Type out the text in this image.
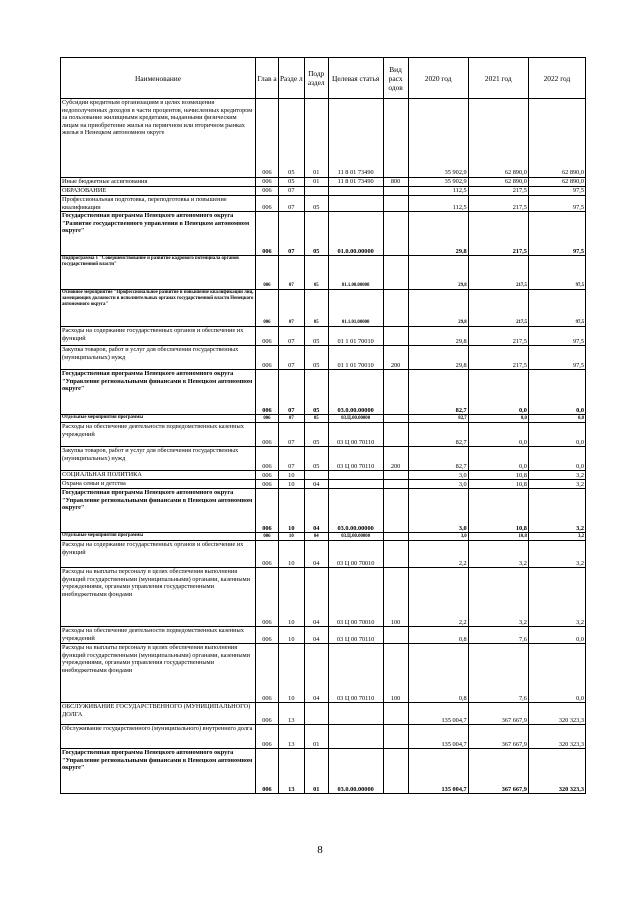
Наименование	Глав а	Разде л	Подр аздел	Целевая статья	Вид расх одов	2020 год	2021 год	2022 год
Субсидии кредитным организациям в целях возмещения недополученных доходов в части процентов, начисленных кредитором за пользование жилищными кредитами, выданными физическим лицам на приобретение жилья на первичном или вторичном рынках жилья в Ненецком автономном округе	006	05	01	11 8 01 73490		35 902,9	62 890,0	62 890,0
Иные бюджетные ассигнования	006	05	01	11 8 01 73490	800	35 902,9	62 890,0	62 890,0
ОБРАЗОВАНИЕ	006	07				112,5	217,5	97,5
Профессиональная подготовка, переподготовка и повышение квалификации	006	07	05			112,5	217,5	97,5
Государственная программа Ненецкого автономного округа "Развитие государственного управления в Ненецком автономном округе"	006	07	05	01.0.00.00000		29,8	217,5	97,5
Подпрограмма 1 "Совершенствование и развитие кадрового потенциала органов государственной власти"	006	07	05	01.1.00.00000		29,8	217,5	97,5
Основное мероприятие "Профессиональное развитие и повышение квалификации лиц, замещающих должности в исполнительных органах государственной власти Ненецкого автономного округа"	006	07	05	01.1.01.00000		29,8	217,5	97,5
Расходы на содержание государственных органов и обеспечение их функций	006	07	05	01 1 01 70010		29,8	217,5	97,5
Закупка товаров, работ и услуг для обеспечения государственных (муниципальных) нужд	006	07	05	01 1 01 70010	200	29,8	217,5	97,5
Государственная программа Ненецкого автономного округа "Управление региональными финансами в Ненецком автономном округе"	006	07	05	03.0.00.00000		82,7	0,0	0,0
Отдельные мероприятия программы	006	07	05	03.Ц.00.00000		82,7	0,0	0,0
Расходы на обеспечение деятельности подведомственных казенных учреждений	006	07	05	03 Ц 00 70110		82,7	0,0	0,0
Закупка товаров, работ и услуг для обеспечения государственных (муниципальных) нужд	006	07	05	03 Ц 00 70110	200	82,7	0,0	0,0
СОЦИАЛЬНАЯ ПОЛИТИКА	006	10				3,0	10,8	3,2
Охрана семьи и детства	006	10	04			3,0	10,8	3,2
Государственная программа Ненецкого автономного округа "Управление региональными финансами в Ненецком автономном округе"	006	10	04	03.0.00.00000		3,0	10,8	3,2
Отдельные мероприятия программы	006	10	04	03.Ц.00.00000		3,0	10,8	3,2
Расходы на содержание государственных органов и обеспечение их функций	006	10	04	03 Ц 00 70010		2,2	3,2	3,2
Расходы на выплаты персоналу в целях обеспечения выполнения функций государственными (муниципальными) органами, казенными учреждениями, органами управления государственными внебюджетными фондами	006	10	04	03 Ц 00 70010	100	2,2	3,2	3,2
Расходы на обеспечение деятельности подведомственных казенных учреждений	006	10	04	03 Ц 00 70110		0,8	7,6	0,0
Расходы на выплаты персоналу в целях обеспечения выполнения функций государственными (муниципальными) органами, казенными учреждениями, органами управления государственными внебюджетными фондами	006	10	04	03 Ц 00 70110	100	0,8	7,6	0,0
ОБСЛУЖИВАНИЕ ГОСУДАРСТВЕННОГО (МУНИЦИПАЛЬНОГО) ДОЛГА	006	13				135 004,7	367 667,9	320 323,3
Обслуживание государственного (муниципального) внутреннего долга	006	13	01			135 004,7	367 667,9	320 323,3
Государственная программа Ненецкого автономного округа "Управление региональными финансами в Ненецком автономном округе"	006	13	01	03.0.00.00000		135 004,7	367 667,9	320 323,3
8
